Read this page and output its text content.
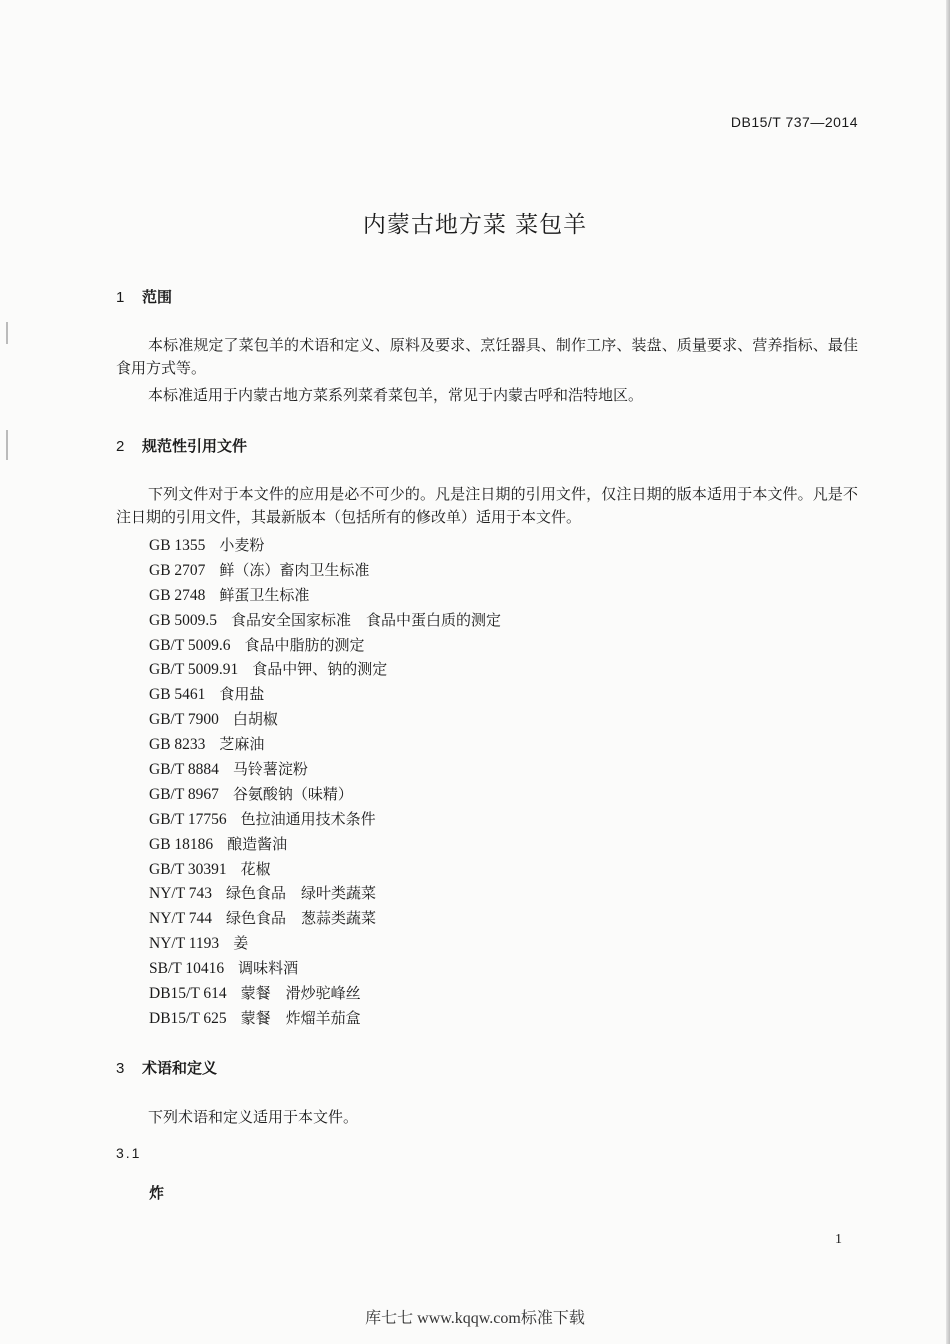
DB15/T 737—2014
内蒙古地方菜 菜包羊
1 范围
本标准规定了菜包羊的术语和定义、原料及要求、烹饪器具、制作工序、装盘、质量要求、营养指标、最佳食用方式等。
本标准适用于内蒙古地方菜系列菜肴菜包羊，常见于内蒙古呼和浩特地区。
2 规范性引用文件
下列文件对于本文件的应用是必不可少的。凡是注日期的引用文件，仅注日期的版本适用于本文件。凡是不注日期的引用文件，其最新版本（包括所有的修改单）适用于本文件。
GB 1355 小麦粉
GB 2707 鲜（冻）畜肉卫生标准
GB 2748 鲜蛋卫生标准
GB 5009.5 食品安全国家标准　食品中蛋白质的测定
GB/T 5009.6 食品中脂肪的测定
GB/T 5009.91 食品中钾、钠的测定
GB 5461 食用盐
GB/T 7900 白胡椒
GB 8233 芝麻油
GB/T 8884 马铃薯淀粉
GB/T 8967 谷氨酸钠（味精）
GB/T 17756 色拉油通用技术条件
GB 18186 酿造酱油
GB/T 30391 花椒
NY/T 743 绿色食品　绿叶类蔬菜
NY/T 744 绿色食品　葱蒜类蔬菜
NY/T 1193 姜
SB/T 10416 调味料酒
DB15/T 614 蒙餐　滑炒驼峰丝
DB15/T 625 蒙餐　炸熘羊茄盒
3 术语和定义
下列术语和定义适用于本文件。
3.1
炸
1
库七七 www.kqqw.com标准下载
